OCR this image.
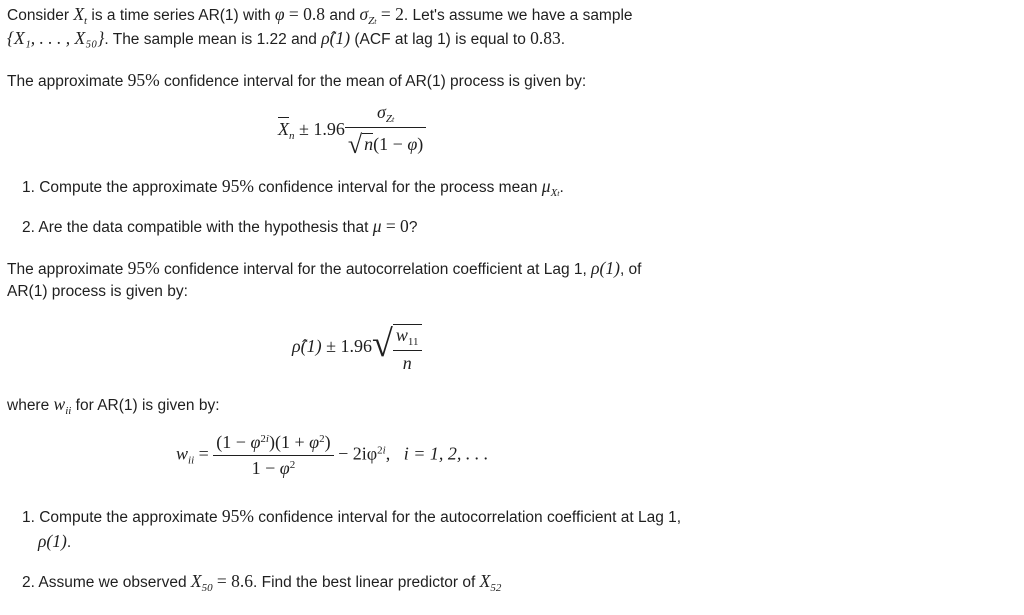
Consider $X_t$ is a time series AR(1) with φ = 0.8 and $\sigma_{Zt} = 2$. Let's assume we have a sample
{X₁, . . . , X₅₀}. The sample mean is 1.22 and ρ̂(1) (ACF at lag 1) is equal to 0.83.
The approximate 95% confidence interval for the mean of AR(1) process is given by:
$X_n \pm 1.96 \frac{\sigma_{Zt}}{√ n(1 - \varphi)}$
1. Compute the approximate 95% confidence interval for the process mean $\mu_{Xt}$.
2. Are the data compatible with the hypothesis that μ = 0?
The approximate 95% confidence interval for the autocorrelation coefficient at Lag 1, ρ(1), of
AR(1) process is given by:
ρ̂(1) ± $1.96√ \frac{w_{11}}{n}$
where $w_{ii}$ for AR(1) is given by:
$w_{ii} = \frac{(1 - \varphi^{2i})(1 + \varphi^2)}{1 - \varphi^2} - 2i\varphi^{2i}$,   i = 1, 2, . . .
1. Compute the approximate 95% confidence interval for the autocorrelation coefficient at Lag 1,
ρ(1).
2. Assume we observed $X_{50} = 8.6$. Find the best linear predictor of $X_{52}$
